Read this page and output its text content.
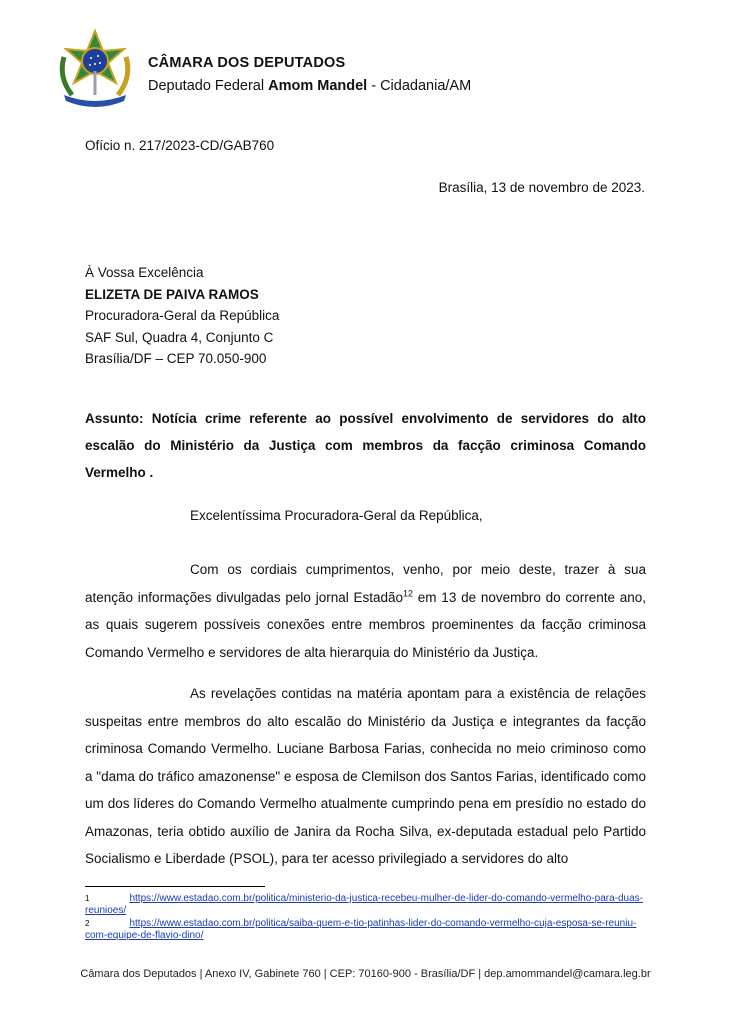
CÂMARA DOS DEPUTADOS
Deputado Federal Amom Mandel - Cidadania/AM
Ofício n. 217/2023-CD/GAB760
Brasília, 13 de novembro de 2023.
À Vossa Excelência
ELIZETA DE PAIVA RAMOS
Procuradora-Geral da República
SAF Sul, Quadra 4, Conjunto C
Brasília/DF – CEP 70.050-900
Assunto: Notícia crime referente ao possível envolvimento de servidores do alto escalão do Ministério da Justiça com membros da facção criminosa Comando Vermelho .
Excelentíssima Procuradora-Geral da República,
Com os cordiais cumprimentos, venho, por meio deste, trazer à sua atenção informações divulgadas pelo jornal Estadão$^{12}$ em 13 de novembro do corrente ano, as quais sugerem possíveis conexões entre membros proeminentes da facção criminosa Comando Vermelho e servidores de alta hierarquia do Ministério da Justiça.
As revelações contidas na matéria apontam para a existência de relações suspeitas entre membros do alto escalão do Ministério da Justiça e integrantes da facção criminosa Comando Vermelho. Luciane Barbosa Farias, conhecida no meio criminoso como a "dama do tráfico amazonense" e esposa de Clemilson dos Santos Farias, identificado como um dos líderes do Comando Vermelho atualmente cumprindo pena em presídio no estado do Amazonas, teria obtido auxílio de Janira da Rocha Silva, ex-deputada estadual pelo Partido Socialismo e Liberdade (PSOL), para ter acesso privilegiado a servidores do alto
$^1$	https://www.estadao.com.br/politica/ministerio-da-justica-recebeu-mulher-de-lider-do-comando-vermelho-para-duas-reunioes/
$^2$	https://www.estadao.com.br/politica/saiba-quem-e-tio-patinhas-lider-do-comando-vermelho-cuja-esposa-se-reuniu-com-equipe-de-flavio-dino/
Câmara dos Deputados | Anexo IV, Gabinete 760 | CEP: 70160-900 - Brasília/DF | dep.amommandel@camara.leg.br
